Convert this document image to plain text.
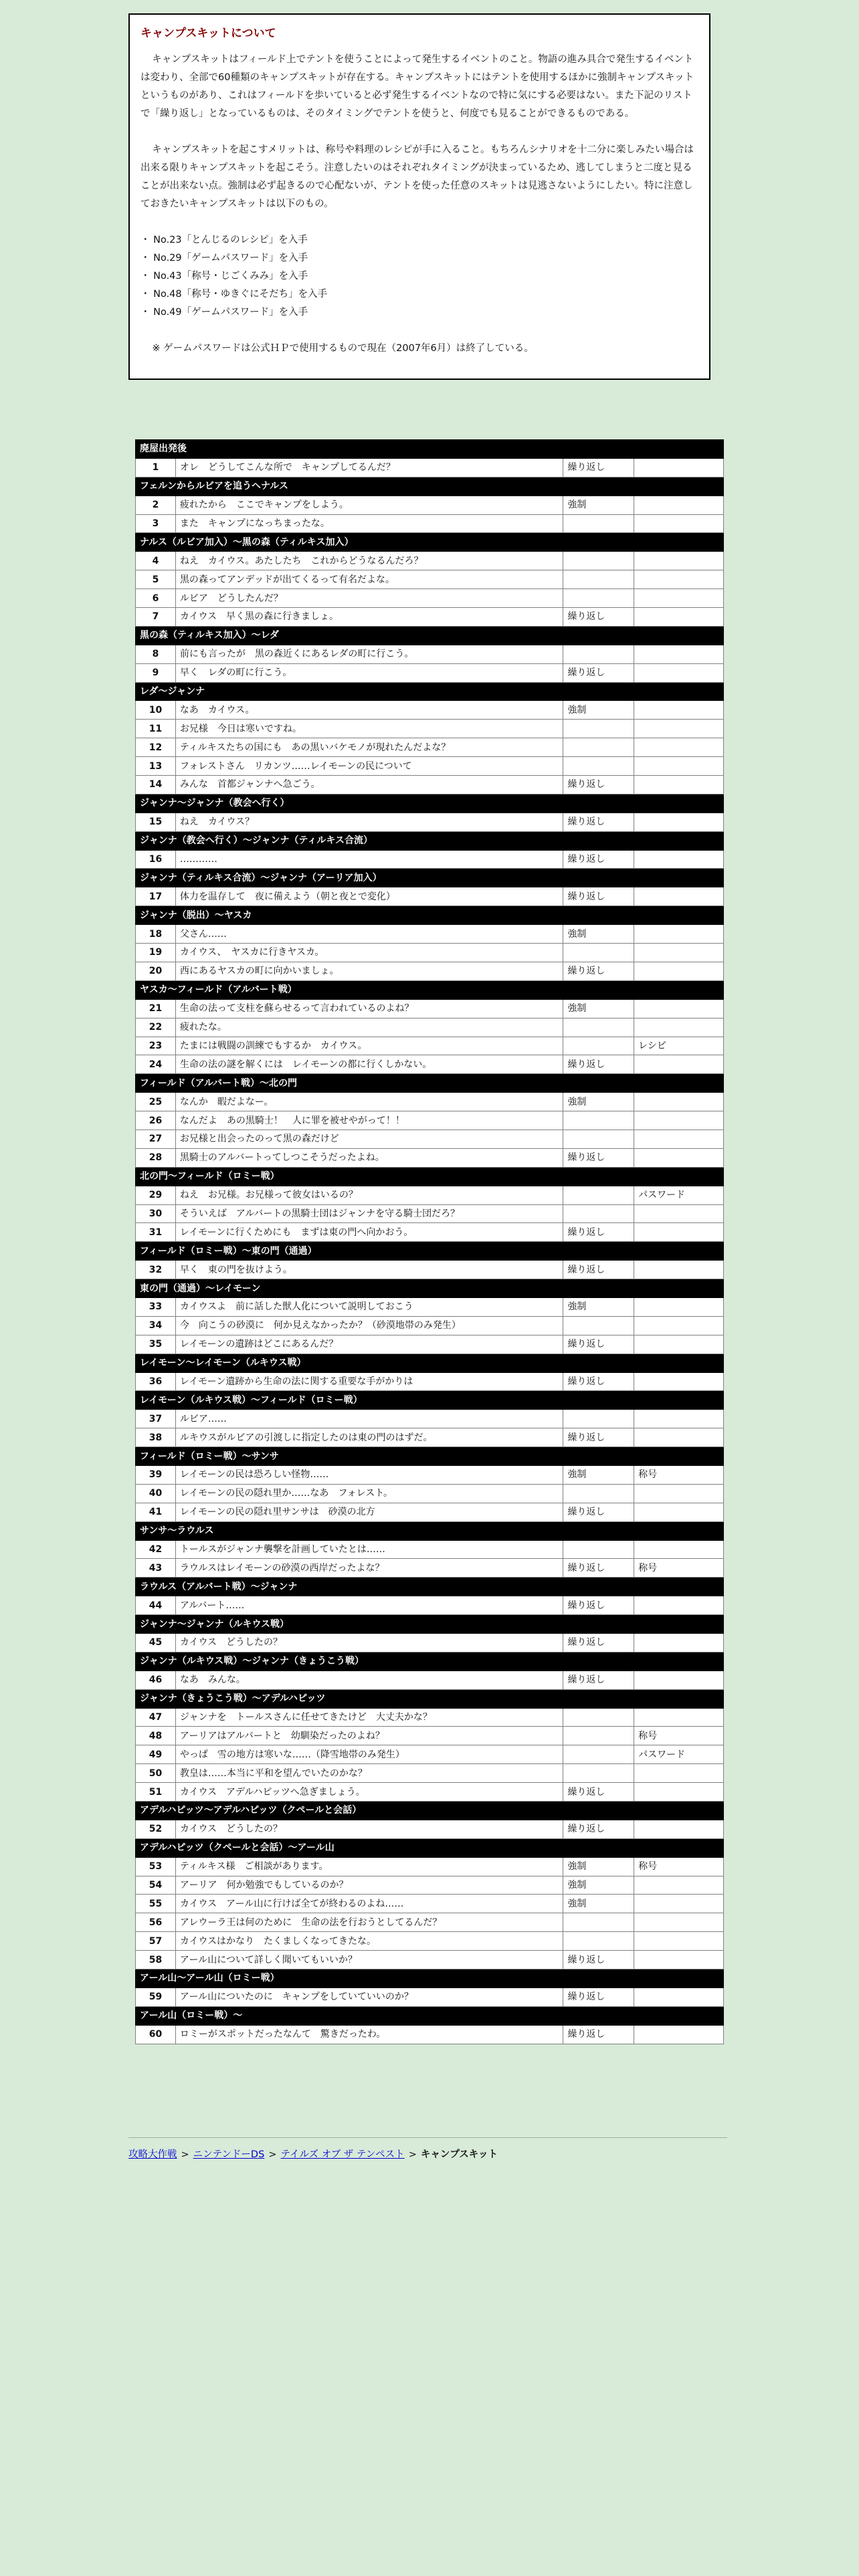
キャンプスキットについて

キャンプスキットはフィールド上でテントを使うことによって発生するイベントのこと。物語の進み具合で発生するイベントは変わり、全部で60種類のキャンプスキットが存在する。キャンプスキットにはテントを使用するほかに強制キャンプスキットというものがあり、これはフィールドを歩いていると必ず発生するイベントなので特に気にする必要はない。また下記のリストで「繰り返し」となっているものは、そのタイミングでテントを使うと、何度でも見ることができるものである。

キャンプスキットを起こすメリットは、称号や料理のレシピが手に入ること。もちろんシナリオを十二分に楽しみたい場合は出来る限りキャンプスキットを起こそう。注意したいのはそれぞれタイミングが決まっているため、逃してしまうと二度と見ることが出来ない点。強制は必ず起きるので心配ないが、テントを使った任意のスキットは見逃さないようにしたい。特に注意しておきたいキャンプスキットは以下のもの。

・ No.23「とんじるのレシピ」を入手
・ No.29「ゲームパスワード」を入手
・ No.43「称号・じごくみみ」を入手
・ No.48「称号・ゆきぐにそだち」を入手
・ No.49「ゲームパスワード」を入手

※ ゲームパスワードは公式ＨＰで使用するもので現在（2007年6月）は終了している。

廃屋出発後			
1	オレ　どうしてこんな所で　キャンプしてるんだ？	繰り返し	
フェルンからルビアを追うヘナルス			
2	疲れたから　ここでキャンプをしよう。	強制	
3	また　キャンプになっちまったな。		
ナルス（ルビア加入）～黒の森（ティルキス加入）			
4	ねえ　カイウス。あたしたち　これからどうなるんだろ？		
5	黒の森ってアンデッドが出てくるって有名だよな。		
6	ルビア　どうしたんだ？		
7	カイウス　早く黒の森に行きましょ。	繰り返し	
黒の森（ティルキス加入）～レダ			
8	前にも言ったが　黒の森近くにあるレダの町に行こう。		
9	早く　レダの町に行こう。	繰り返し	
レダ～ジャンナ			
10	なあ　カイウス。	強制	
11	お兄様　今日は寒いですね。		
12	ティルキスたちの国にも　あの黒いバケモノが現れたんだよな？		
13	フォレストさん　リカンツ……レイモーンの民について		
14	みんな　首都ジャンナへ急ごう。	繰り返し	
ジャンナ～ジャンナ（教会へ行く）			
15	ねえ　カイウス？	繰り返し	
ジャンナ（教会へ行く）～ジャンナ（ティルキス合流）			
16	…………	繰り返し	
ジャンナ（ティルキス合流）～ジャンナ（アーリア加入）			
17	体力を温存して　夜に備えよう（朝と夜とで変化）	繰り返し	
ジャンナ（脱出）～ヤスカ			
18	父さん……	強制	
19	カイウス、　ヤスカに行きヤスカ。		
20	西にあるヤスカの町に向かいましょ。	繰り返し	
ヤスカ～フィールド（アルバート戦）			
21	生命の法って支柱を蘇らせるって言われているのよね？	強制	
22	疲れたな。		
23	たまには戦闘の訓練でもするか　カイウス。		レシピ
24	生命の法の謎を解くには　レイモーンの都に行くしかない。	繰り返し	
フィールド（アルバート戦）～北の門			
25	なんか　暇だよなー。	強制	
26	なんだよ　あの黒騎士！　人に罪を被せやがって！！		
27	お兄様と出会ったのって黒の森だけど		
28	黒騎士のアルバートってしつこそうだったよね。	繰り返し	
北の門～フィールド（ロミー戦）			
29	ねえ　お兄様。お兄様って彼女はいるの？		パスワード
30	そういえば　アルバートの黒騎士団はジャンナを守る騎士団だろ？		
31	レイモーンに行くためにも　まずは東の門へ向かおう。	繰り返し	
フィールド（ロミー戦）～東の門（通過）			
32	早く　東の門を抜けよう。	繰り返し	
東の門（通過）～レイモーン			
33	カイウスよ　前に話した獣人化について説明しておこう	強制	
34	今　向こうの砂漠に　何か見えなかったか？（砂漠地帯のみ発生）		
35	レイモーンの遺跡はどこにあるんだ？	繰り返し	
レイモーン～レイモーン（ルキウス戦）			
36	レイモーン遺跡から生命の法に関する重要な手がかりは	繰り返し	
レイモーン（ルキウス戦）～フィールド（ロミー戦）			
37	ルビア……		
38	ルキウスがルビアの引渡しに指定したのは東の門のはずだ。	繰り返し	
フィールド（ロミー戦）～サンサ			
39	レイモーンの民は恐ろしい怪物……	強制	称号
40	レイモーンの民の隠れ里か……なあ　フォレスト。		
41	レイモーンの民の隠れ里サンサは　砂漠の北方	繰り返し	
サンサ～ラウルス			
42	トールスがジャンナ襲撃を計画していたとは……		
43	ラウルスはレイモーンの砂漠の西岸だったよな？	繰り返し	称号
ラウルス（アルバート戦）～ジャンナ			
44	アルバート……	繰り返し	
ジャンナ～ジャンナ（ルキウス戦）			
45	カイウス　どうしたの？	繰り返し	
ジャンナ（ルキウス戦）～ジャンナ（きょうこう戦）			
46	なあ　みんな。	繰り返し	
ジャンナ（きょうこう戦）～アデルハピッツ			
47	ジャンナを　トールスさんに任せてきたけど　大丈夫かな？		
48	アーリアはアルバートと　幼馴染だったのよね？		称号
49	やっぱ　雪の地方は寒いな……（降雪地帯のみ発生）		パスワード
50	教皇は……本当に平和を望んでいたのかな？		
51	カイウス　アデルハピッツへ急ぎましょう。	繰り返し	
アデルハピッツ～アデルハピッツ（クペールと会話）			
52	カイウス　どうしたの？	繰り返し	
アデルハピッツ（クペールと会話）～アール山			
53	ティルキス様　ご相談があります。	強制	称号
54	アーリア　何か勉強でもしているのか？	強制	
55	カイウス　アール山に行けば全てが終わるのよね……	強制	
56	アレウーラ王は何のために　生命の法を行おうとしてるんだ？		
57	カイウスはかなり　たくましくなってきたな。		
58	アール山について詳しく聞いてもいいか？	繰り返し	
アール山～アール山（ロミー戦）			
59	アール山についたのに　キャンプをしていていいのか？	繰り返し	
アール山（ロミー戦）～			
60	ロミーがスポットだったなんて　驚きだったわ。	繰り返し	
攻略大作戦 > ニンテンドーDS > テイルズ オブ ザ テンペスト > キャンプスキット
